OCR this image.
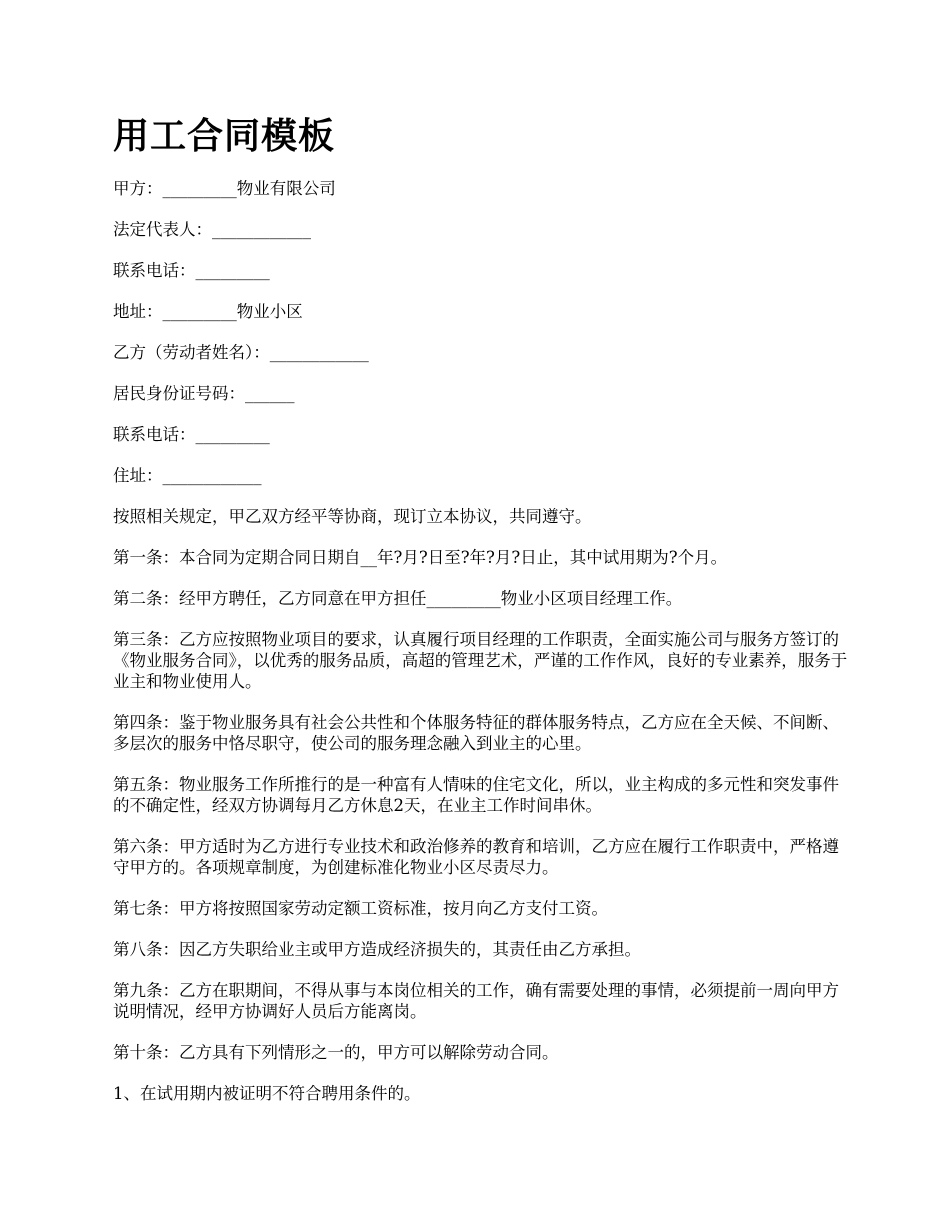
用工合同模板

甲方：_________物业有限公司

法定代表人：____________

联系电话：_________

地址：_________物业小区

乙方（劳动者姓名）：____________

居民身份证号码：______

联系电话：_________

住址：____________

按照相关规定，甲乙双方经平等协商，现订立本协议，共同遵守。

第一条：本合同为定期合同日期自__年?月?日至?年?月?日止，其中试用期为?个月。

第二条：经甲方聘任，乙方同意在甲方担任_________物业小区项目经理工作。

第三条：乙方应按照物业项目的要求，认真履行项目经理的工作职责，全面实施公司与服务方签订的《物业服务合同》，以优秀的服务品质，高超的管理艺术，严谨的工作作风，良好的专业素养，服务于业主和物业使用人。

第四条：鉴于物业服务具有社会公共性和个体服务特征的群体服务特点，乙方应在全天候、不间断、多层次的服务中恪尽职守，使公司的服务理念融入到业主的心里。

第五条：物业服务工作所推行的是一种富有人情味的住宅文化，所以，业主构成的多元性和突发事件的不确定性，经双方协调每月乙方休息2天，在业主工作时间串休。

第六条：甲方适时为乙方进行专业技术和政治修养的教育和培训，乙方应在履行工作职责中，严格遵守甲方的。各项规章制度，为创建标准化物业小区尽责尽力。

第七条：甲方将按照国家劳动定额工资标准，按月向乙方支付工资。

第八条：因乙方失职给业主或甲方造成经济损失的，其责任由乙方承担。

第九条：乙方在职期间，不得从事与本岗位相关的工作，确有需要处理的事情，必须提前一周向甲方说明情况，经甲方协调好人员后方能离岗。

第十条：乙方具有下列情形之一的，甲方可以解除劳动合同。

1、在试用期内被证明不符合聘用条件的。
